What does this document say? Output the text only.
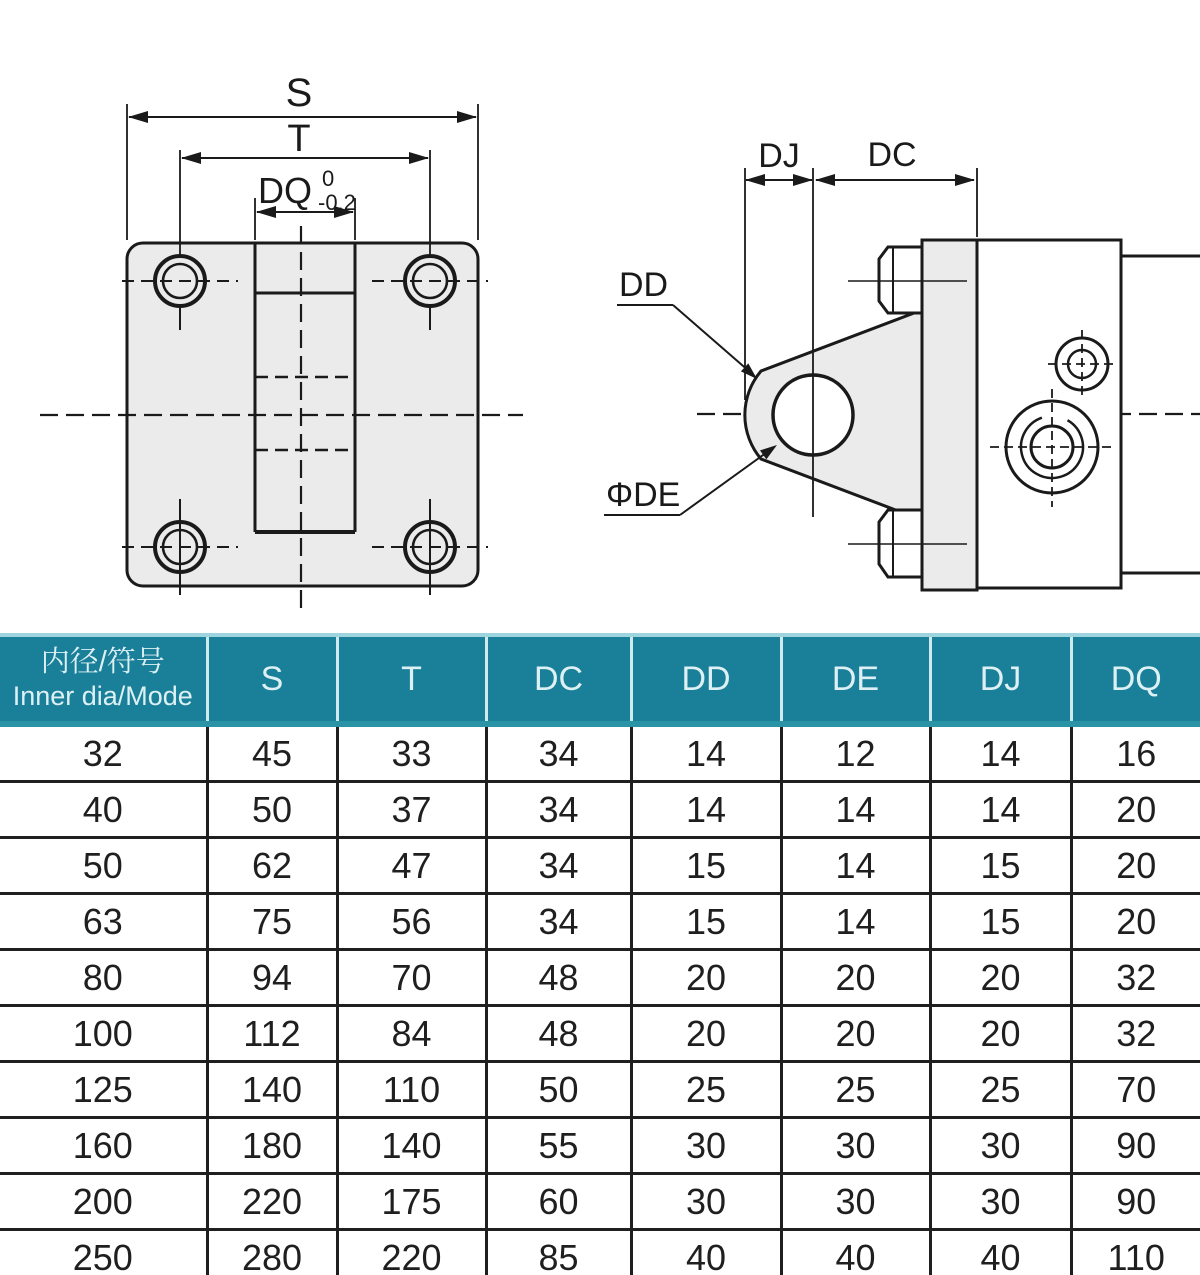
S
T
DQ 0
-0.2
DJ DC
DD
ΦDE
内径/符号
Inner dia/Mode	S	T	DC	DD	DE	DJ	DQ
32	45	33	34	14	12	14	16
40	50	37	34	14	14	14	20
50	62	47	34	15	14	15	20
63	75	56	34	15	14	15	20
80	94	70	48	20	20	20	32
100	112	84	48	20	20	20	32
125	140	110	50	25	25	25	70
160	180	140	55	30	30	30	90
200	220	175	60	30	30	30	90
250	280	220	85	40	40	40	110
